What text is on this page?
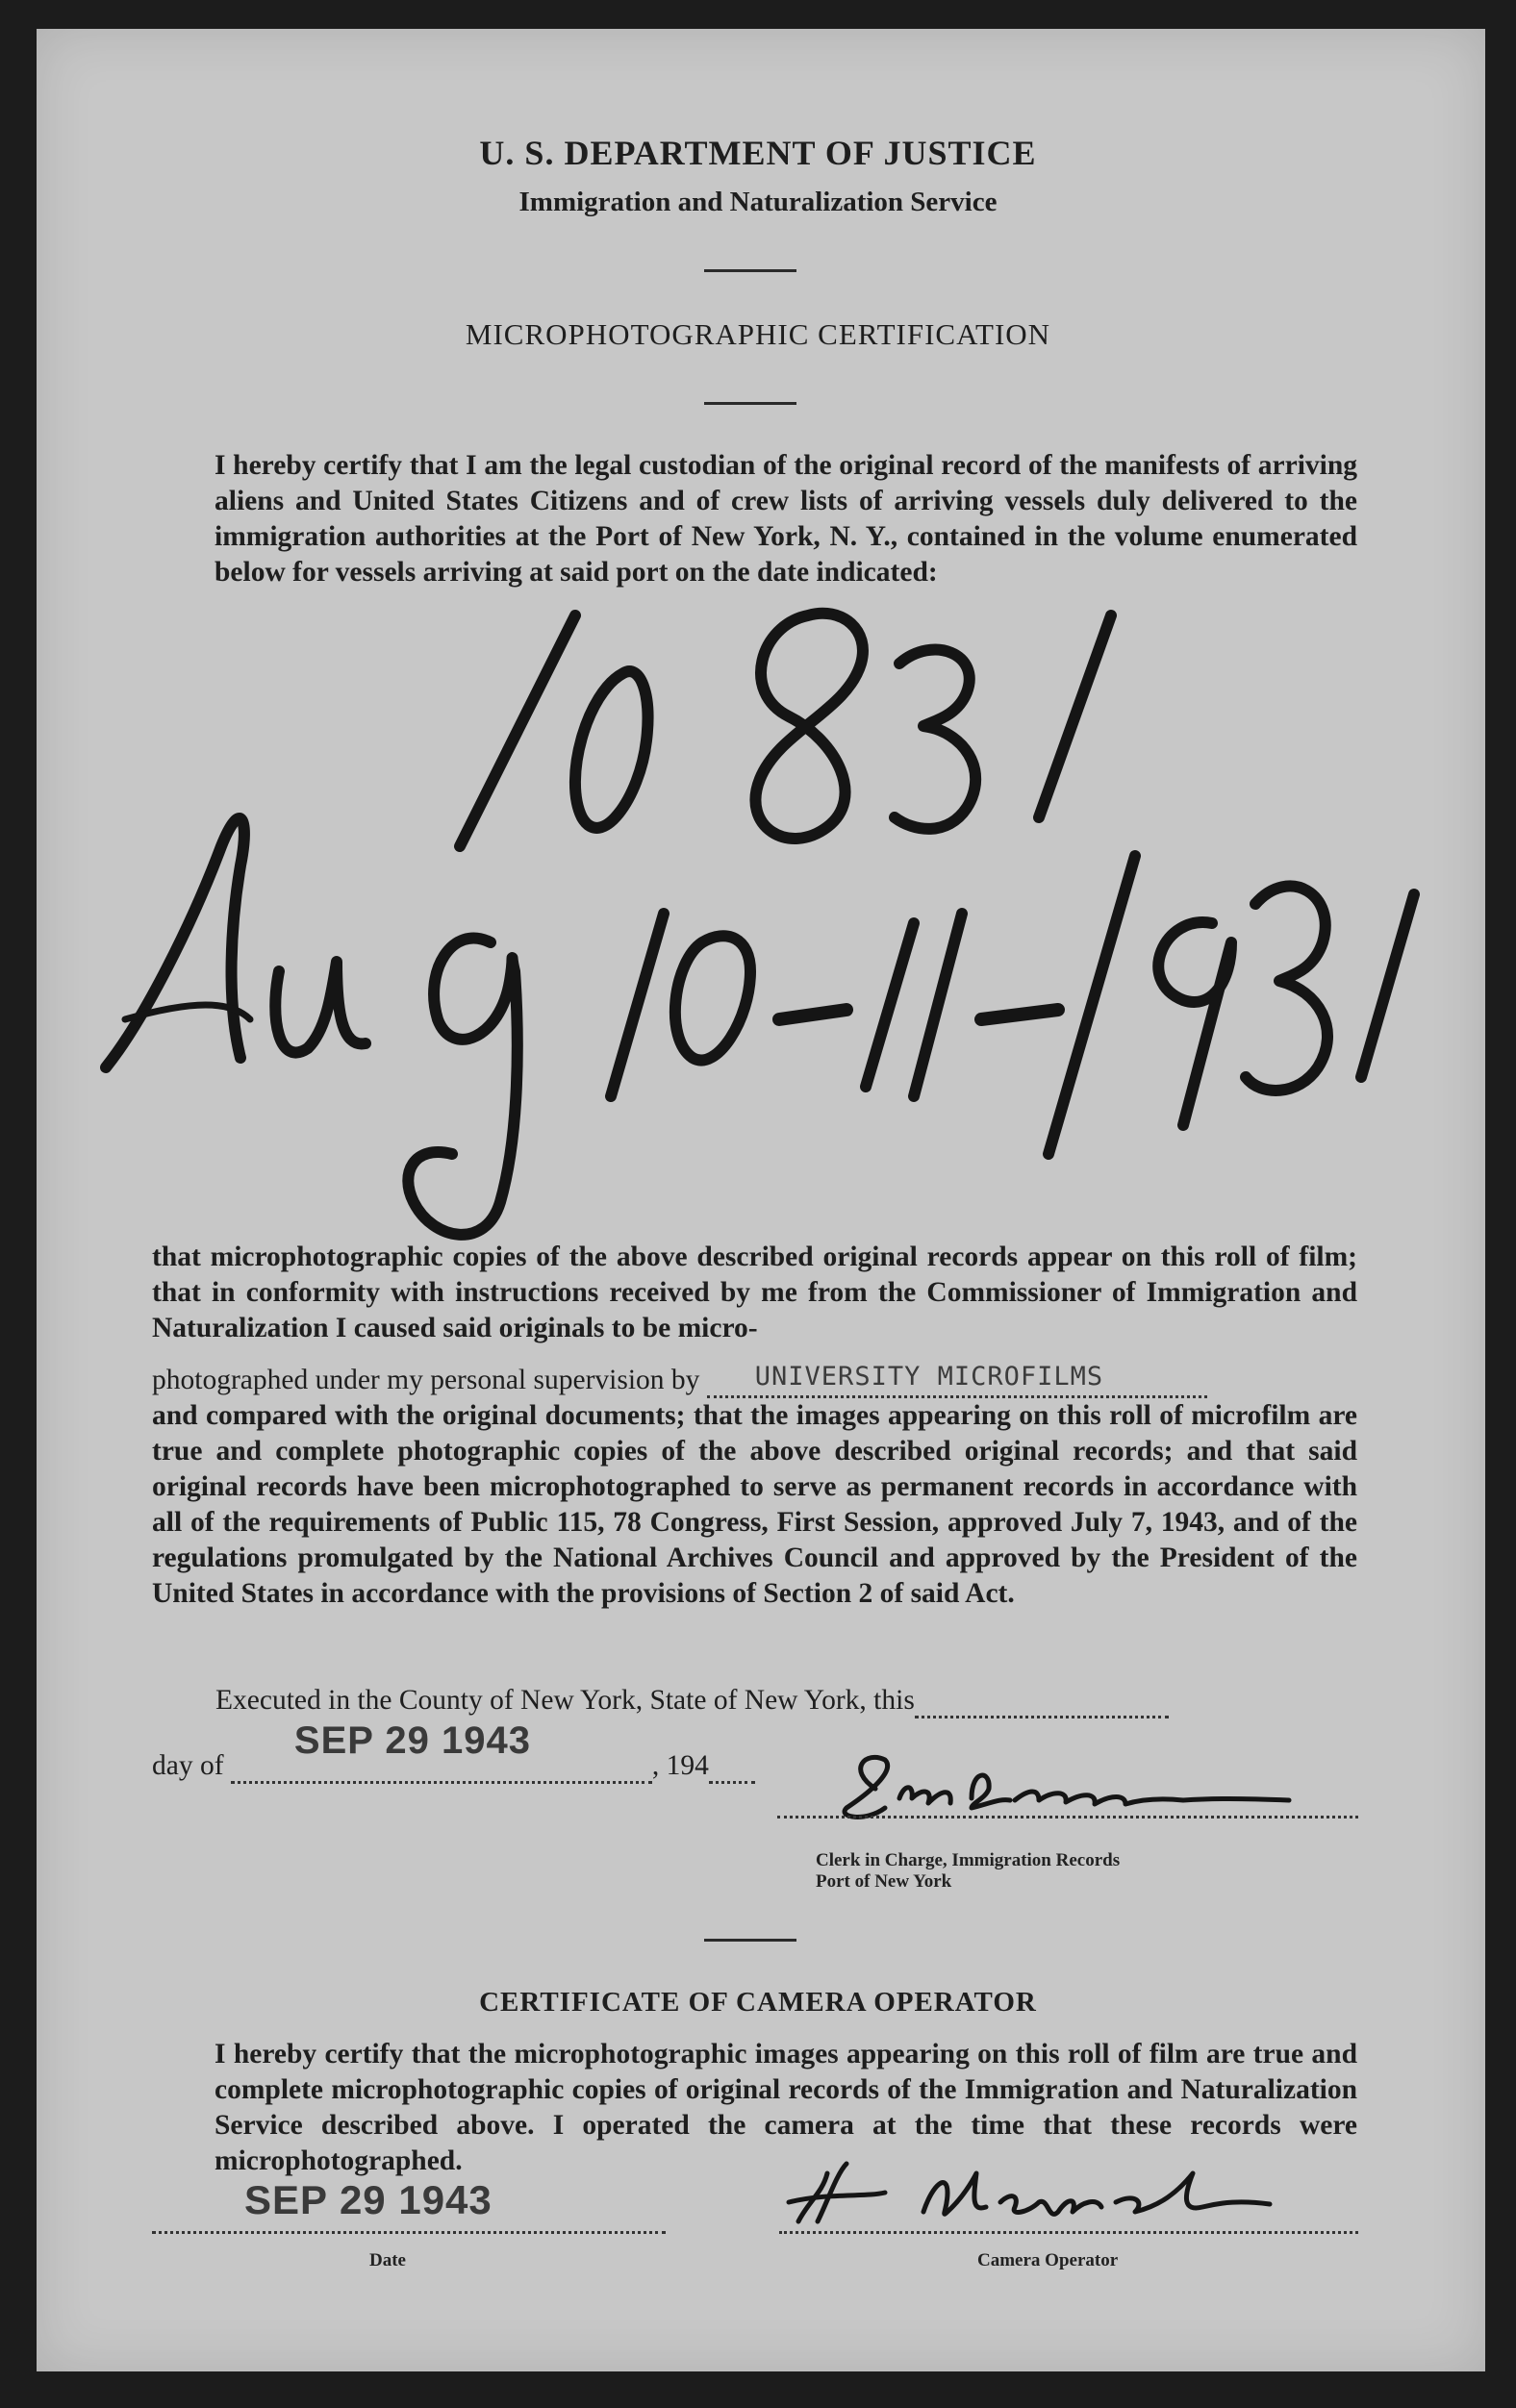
U. S. DEPARTMENT OF JUSTICE
Immigration and Naturalization Service
MICROPHOTOGRAPHIC CERTIFICATION
I hereby certify that I am the legal custodian of the original record of the manifests of arriving aliens and United States Citizens and of crew lists of arriving vessels duly delivered to the immigration authorities at the Port of New York, N. Y., contained in the volume enumerated below for vessels arriving at said port on the date indicated:
that microphotographic copies of the above described original records appear on this roll of film; that in conformity with instructions received by me from the Commissioner of Immigration and Naturalization I caused said originals to be micro-
photographed under my personal supervision by UNIVERSITY MICROFILMS
and compared with the original documents; that the images appearing on this roll of microfilm are true and complete photographic copies of the above described original records; and that said original records have been microphotographed to serve as permanent records in accordance with all of the requirements of Public 115, 78 Congress, First Session, approved July 7, 1943, and of the regulations promulgated by the National Archives Council and approved by the President of the United States in accordance with the provisions of Section 2 of said Act.
Executed in the County of New York, State of New York, this
day of
SEP 29 1943
, 194
Clerk in Charge, Immigration Records
Port of New York
CERTIFICATE OF CAMERA OPERATOR
I hereby certify that the microphotographic images appearing on this roll of film are true and complete microphotographic copies of original records of the Immigration and Naturalization Service described above. I operated the camera at the time that these records were microphotographed.
SEP 29 1943
Date	Camera Operator
